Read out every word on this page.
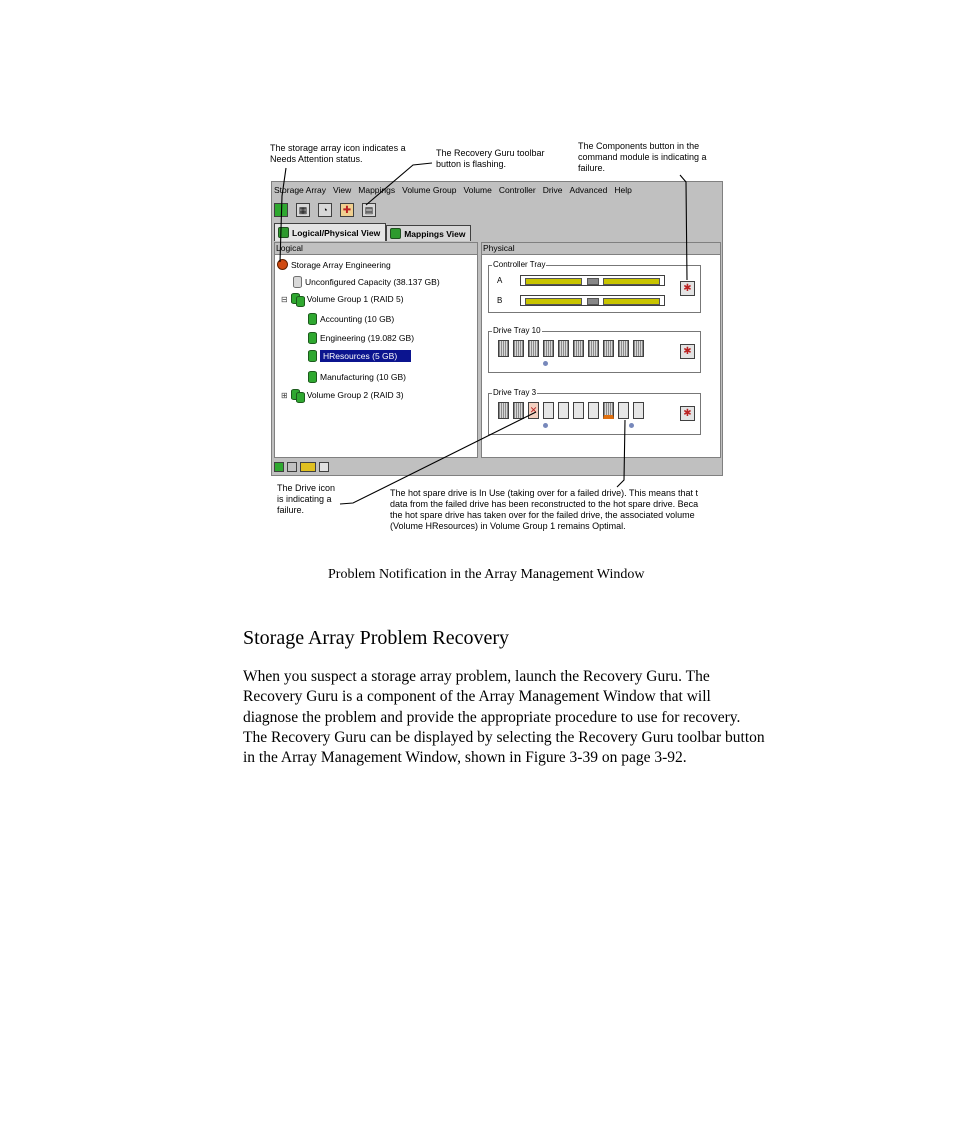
The storage array icon indicates a
Needs Attention status.
The Recovery Guru toolbar
button is flashing.
The Components button in the
command module is indicating a
failure.
The Drive icon
is indicating a
failure.
The hot spare drive is In Use (taking over for a failed drive). This means that t
data from the failed drive has been reconstructed to the hot spare drive. Beca
the hot spare drive has taken over for the failed drive, the associated volume
(Volume HResources) in Volume Group 1 remains Optimal.
Storage Array View Mappings Volume Group Volume Controller Drive Advanced Help
▦	◔	✚	▤
Logical/Physical View	Mappings View
Logical
Storage Array Engineering
Unconfigured Capacity (38.137 GB)
⊟ Volume Group 1 (RAID 5)
Accounting (10 GB)
Engineering (19.082 GB)
HResources (5 GB)
Manufacturing (10 GB)
⊞ Volume Group 2 (RAID 3)
Physical
Controller Tray
A
B
✱
Drive Tray 10
✱
Drive Tray 3
✕	✱
Problem Notification in the Array Management Window
Storage Array Problem Recovery
When you suspect a storage array problem, launch the Recovery Guru. The
Recovery Guru is a component of the Array Management Window that will
diagnose the problem and provide the appropriate procedure to use for recovery.
The Recovery Guru can be displayed by selecting the Recovery Guru toolbar button
in the Array Management Window, shown in Figure 3-39 on page 3-92.
